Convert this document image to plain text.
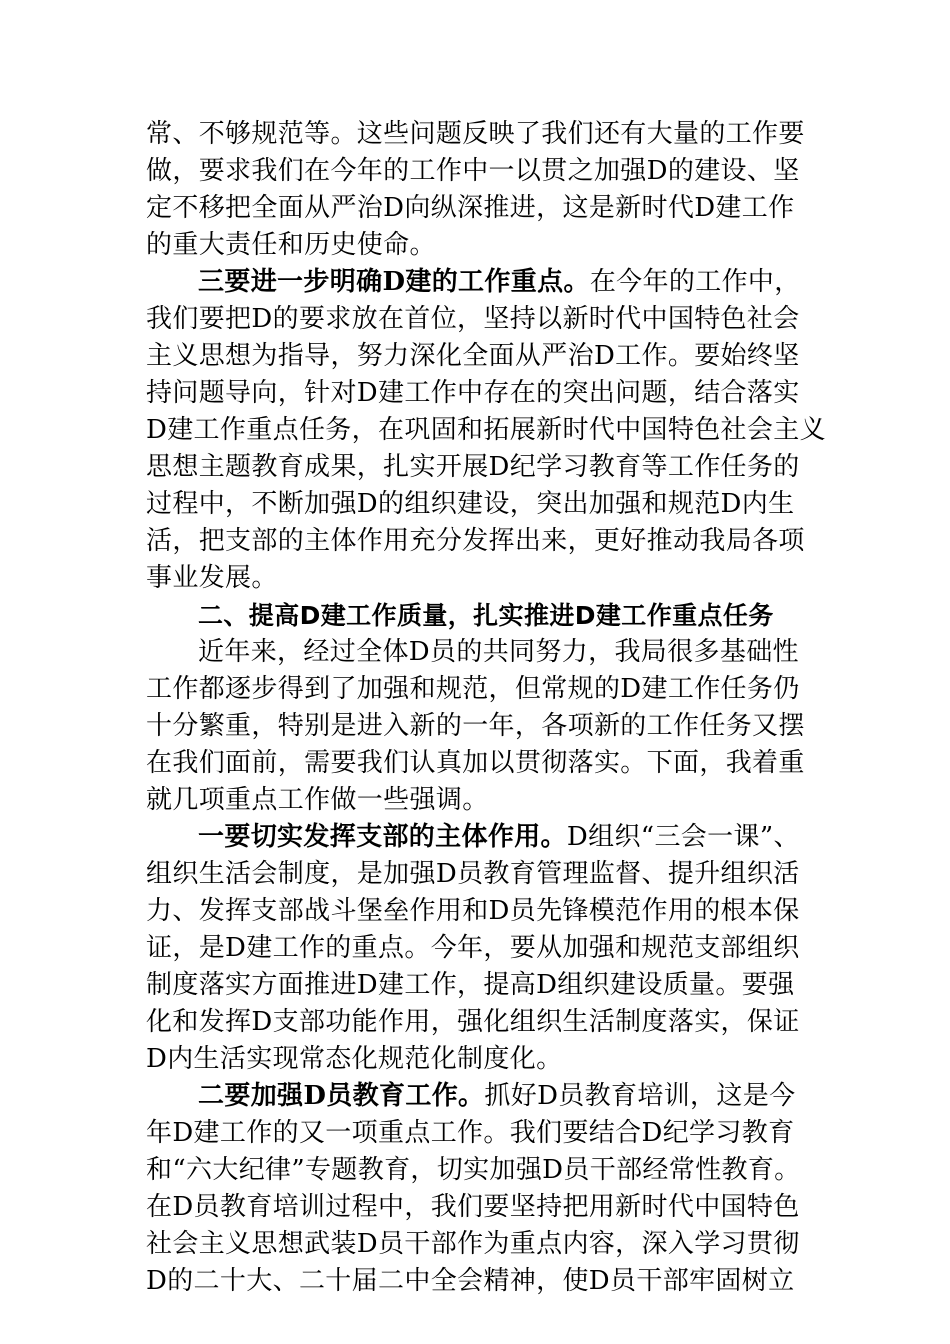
常、不够规范等。这些问题反映了我们还有大量的工作要
做，要求我们在今年的工作中一以贯之加强D的建设、坚
定不移把全面从严治D向纵深推进，这是新时代D建工作
的重大责任和历史使命。
三要进一步明确D建的工作重点。在今年的工作中，
我们要把D的要求放在首位，坚持以新时代中国特色社会
主义思想为指导，努力深化全面从严治D工作。要始终坚
持问题导向，针对D建工作中存在的突出问题，结合落实
D建工作重点任务，在巩固和拓展新时代中国特色社会主义
思想主题教育成果，扎实开展D纪学习教育等工作任务的
过程中，不断加强D的组织建设，突出加强和规范D内生
活，把支部的主体作用充分发挥出来，更好推动我局各项
事业发展。
二、提高D建工作质量，扎实推进D建工作重点任务
近年来，经过全体D员的共同努力，我局很多基础性
工作都逐步得到了加强和规范，但常规的D建工作任务仍
十分繁重，特别是进入新的一年，各项新的工作任务又摆
在我们面前，需要我们认真加以贯彻落实。下面，我着重
就几项重点工作做一些强调。
一要切实发挥支部的主体作用。D组织“三会一课”、
组织生活会制度，是加强D员教育管理监督、提升组织活
力、发挥支部战斗堡垒作用和D员先锋模范作用的根本保
证，是D建工作的重点。今年，要从加强和规范支部组织
制度落实方面推进D建工作，提高D组织建设质量。要强
化和发挥D支部功能作用，强化组织生活制度落实，保证
D内生活实现常态化规范化制度化。
二要加强D员教育工作。抓好D员教育培训，这是今
年D建工作的又一项重点工作。我们要结合D纪学习教育
和“六大纪律”专题教育，切实加强D员干部经常性教育。
在D员教育培训过程中，我们要坚持把用新时代中国特色
社会主义思想武装D员干部作为重点内容，深入学习贯彻
D的二十大、二十届二中全会精神，使D员干部牢固树立
